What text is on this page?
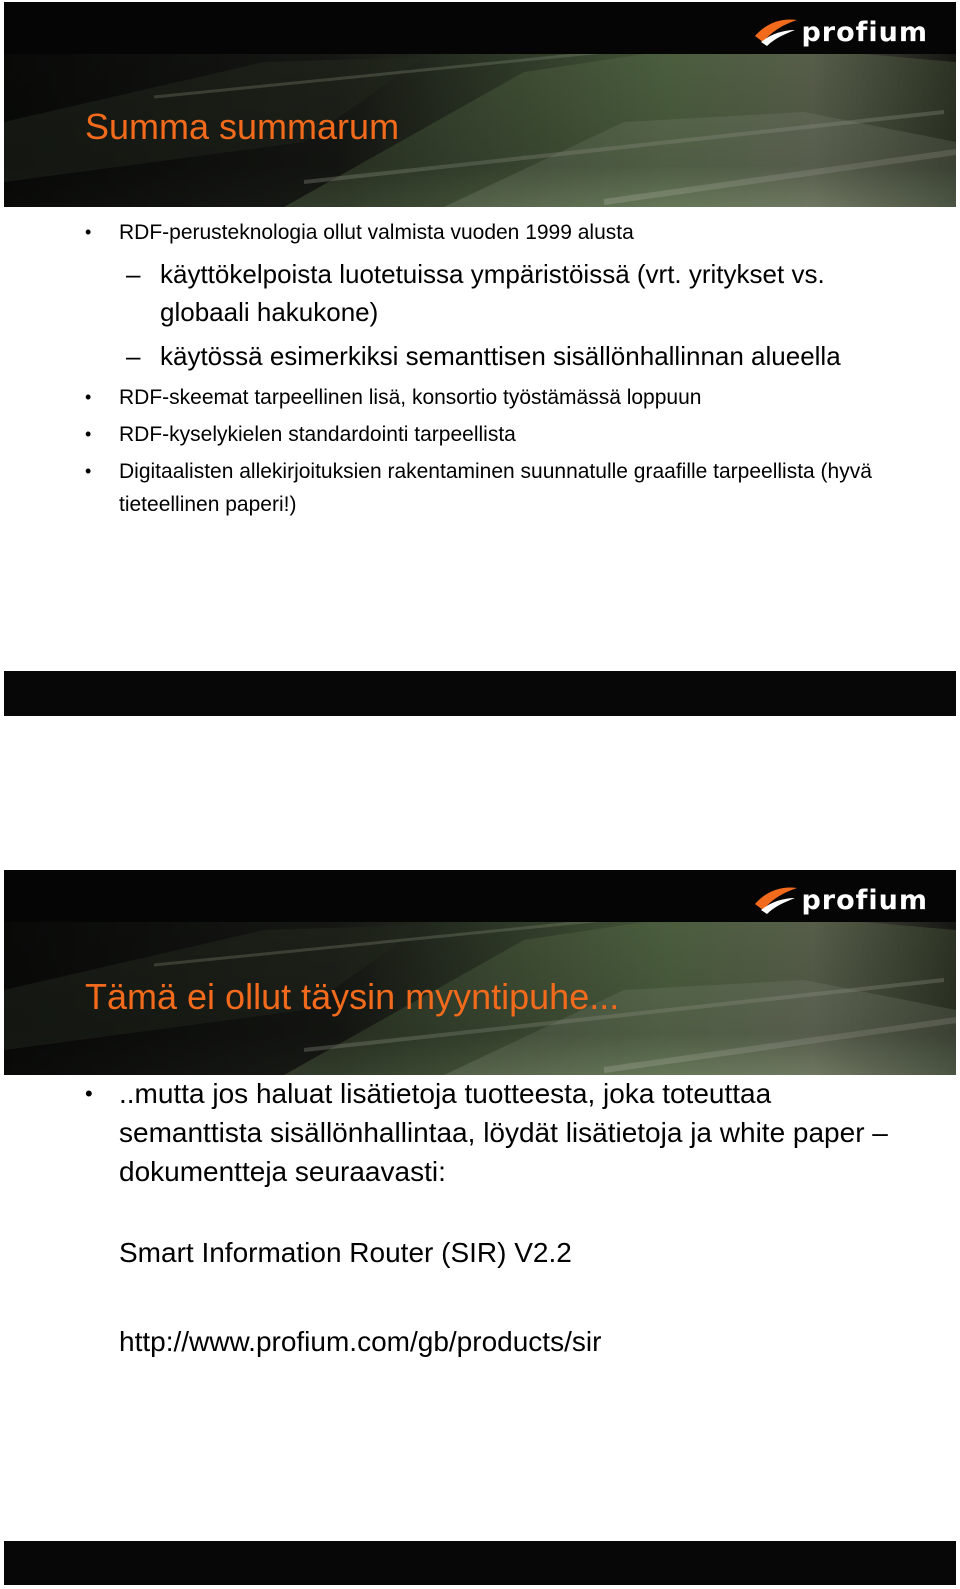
profium
Summa summarum
• RDF-perusteknologia ollut valmista vuoden 1999 alusta
– käyttökelpoista luotetuissa ympäristöissä (vrt. yritykset vs. globaali hakukone)
– käytössä esimerkiksi semanttisen sisällönhallinnan alueella
• RDF-skeemat tarpeellinen lisä, konsortio työstämässä loppuun
• RDF-kyselykielen standardointi tarpeellista
• Digitaalisten allekirjoituksien rakentaminen suunnatulle graafille tarpeellista (hyvä tieteellinen paperi!)
profium
Tämä ei ollut täysin myyntipuhe...
• ..mutta jos haluat lisätietoja tuotteesta, joka toteuttaa semanttista sisällönhallintaa, löydät lisätietoja ja white paper –dokumentteja seuraavasti:
Smart Information Router (SIR) V2.2
http://www.profium.com/gb/products/sir
